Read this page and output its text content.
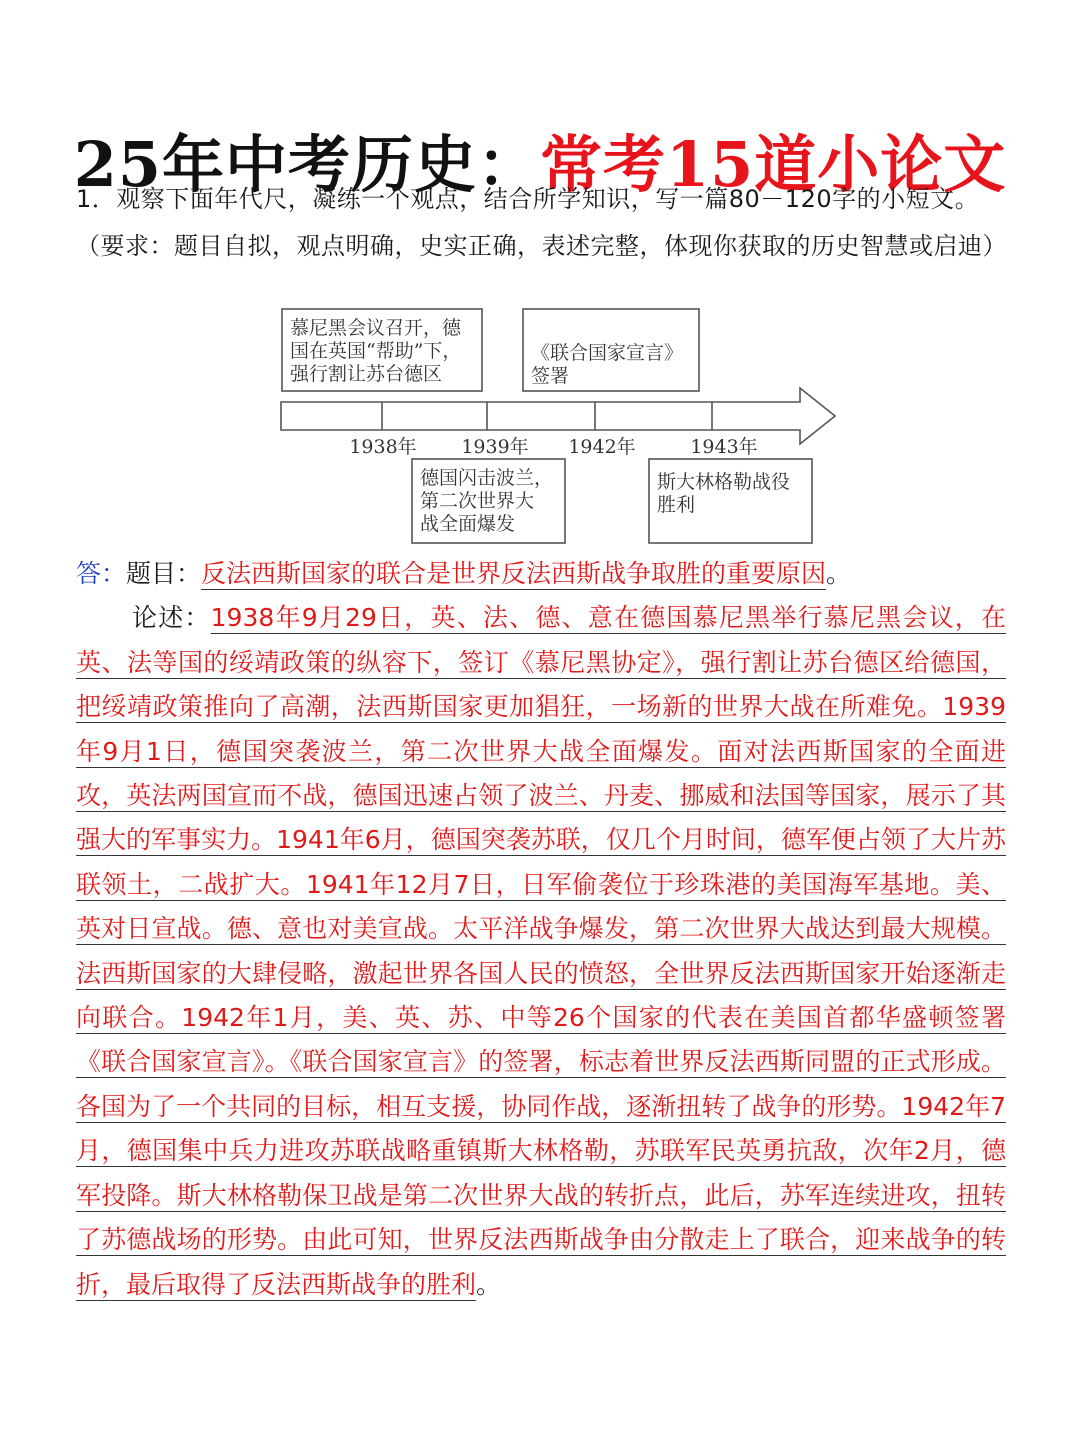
25年中考历史：常考15道小论文
1．观察下面年代尺，凝练一个观点，结合所学知识，写一篇80－120字的小短文。（要求：题目自拟，观点明确，史实正确，表述完整，体现你获取的历史智慧或启迪）
1938年 1939年 1942年	1943年
慕尼黑会议召开，德
国在英国“帮助”下，
强行割让苏台德区
《联合国家宣言》
签署
德国闪击波兰，
第二次世界大
战全面爆发
斯大林格勒战役
胜利
答：题目：反法西斯国家的联合是世界反法西斯战争取胜的重要原因。
论述：1938年9月29日，英、法、德、意在德国慕尼黑举行慕尼黑会议，在英、法等国的绥靖政策的纵容下，签订《慕尼黑协定》，强行割让苏台德区给德国，把绥靖政策推向了高潮，法西斯国家更加猖狂，一场新的世界大战在所难免。1939年9月1日，德国突袭波兰，第二次世界大战全面爆发。面对法西斯国家的全面进攻，英法两国宣而不战，德国迅速占领了波兰、丹麦、挪威和法国等国家，展示了其强大的军事实力。1941年6月，德国突袭苏联，仅几个月时间，德军便占领了大片苏联领土，二战扩大。1941年12月7日，日军偷袭位于珍珠港的美国海军基地。美、英对日宣战。德、意也对美宣战。太平洋战争爆发，第二次世界大战达到最大规模。法西斯国家的大肆侵略，激起世界各国人民的愤怒，全世界反法西斯国家开始逐渐走向联合。1942年1月，美、英、苏、中等26个国家的代表在美国首都华盛顿签署《联合国家宣言》。《联合国家宣言》的签署，标志着世界反法西斯同盟的正式形成。各国为了一个共同的目标，相互支援，协同作战，逐渐扭转了战争的形势。1942年7月，德国集中兵力进攻苏联战略重镇斯大林格勒，苏联军民英勇抗敌，次年2月，德军投降。斯大林格勒保卫战是第二次世界大战的转折点，此后，苏军连续进攻，扭转了苏德战场的形势。由此可知，世界反法西斯战争由分散走上了联合，迎来战争的转折，最后取得了反法西斯战争的胜利。
